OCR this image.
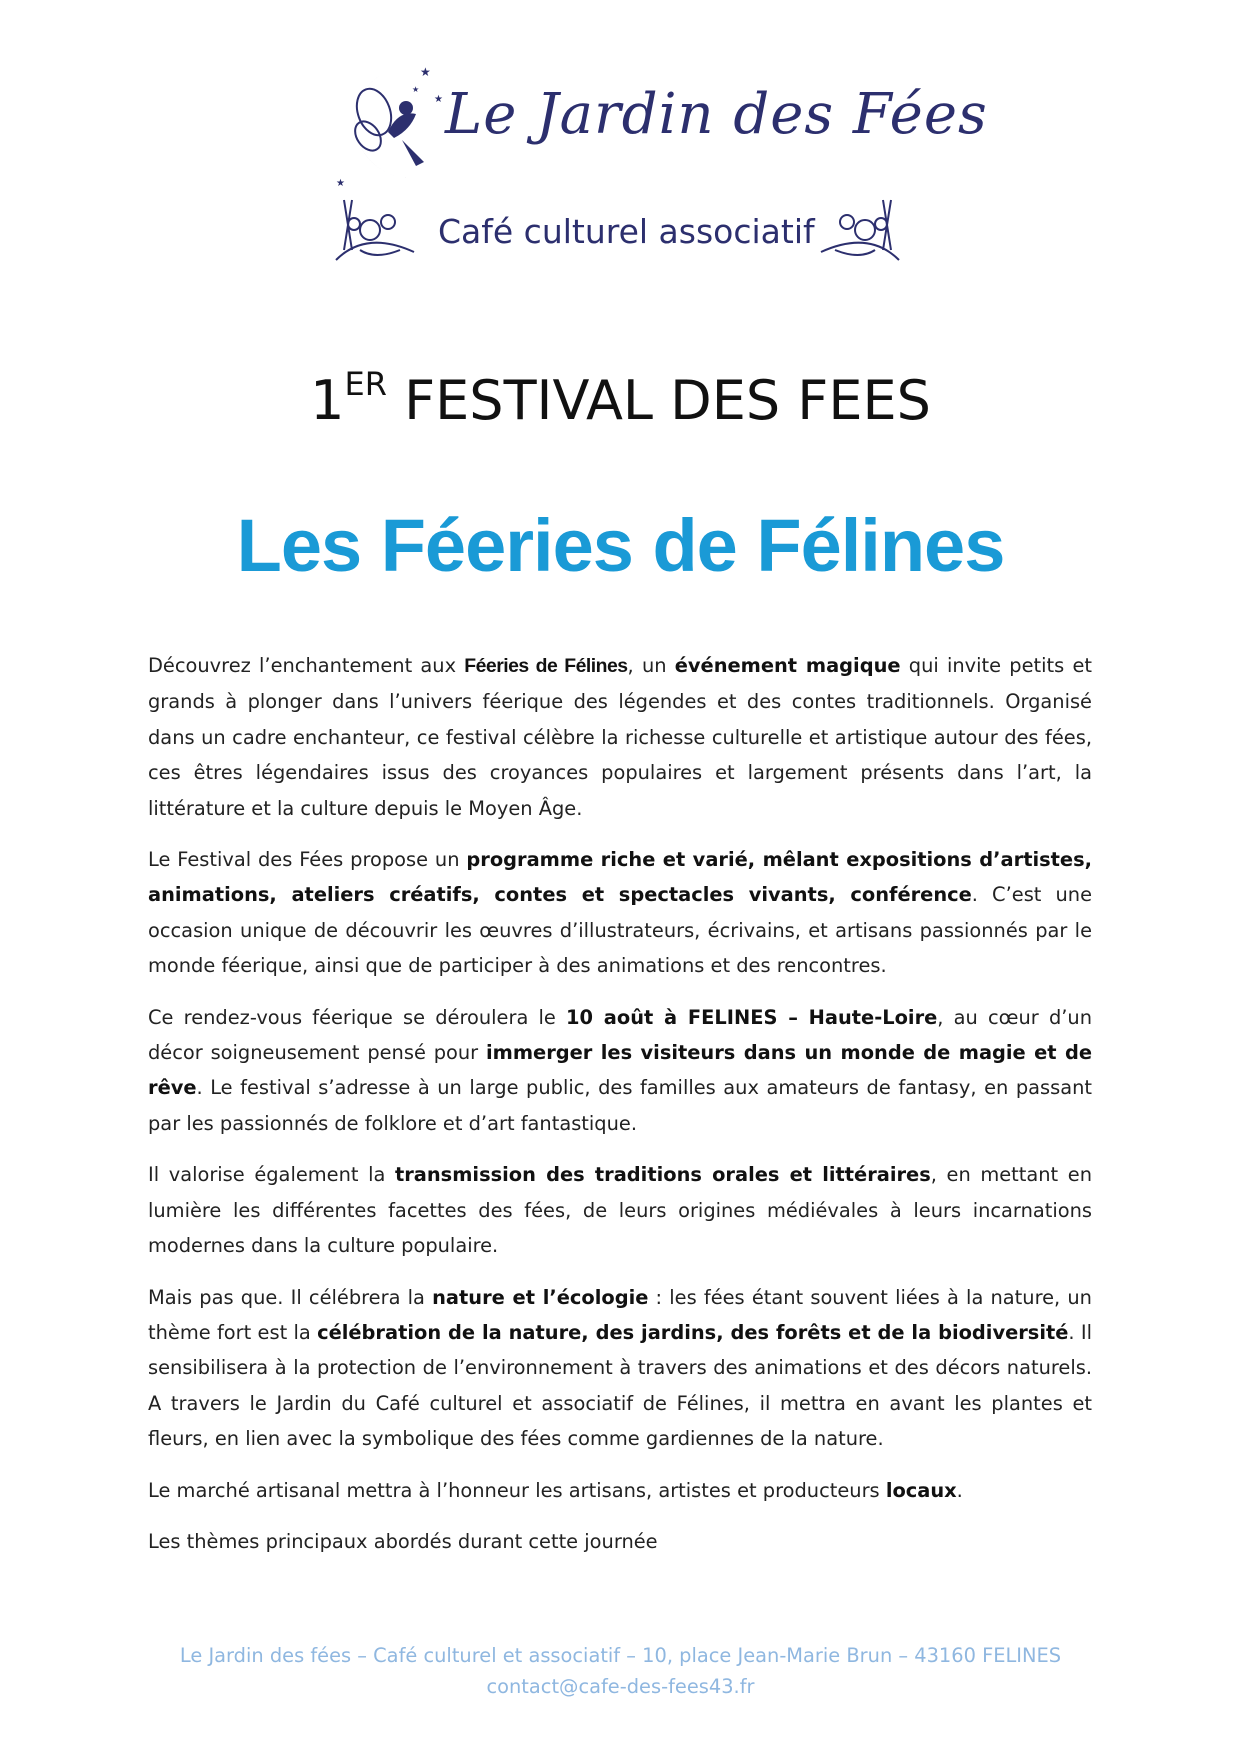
★
★
★
★
Le Jardin des Fées
Café culturel associatif
1ER FESTIVAL DES FEES
Les Féeries de Félines

Découvrez l’enchantement aux Féeries de Félines, un événement magique qui invite petits et grands à plonger dans l’univers féerique des légendes et des contes traditionnels. Organisé dans un cadre enchanteur, ce festival célèbre la richesse culturelle et artistique autour des fées, ces êtres légendaires issus des croyances populaires et largement présents dans l’art, la littérature et la culture depuis le Moyen Âge.

Le Festival des Fées propose un programme riche et varié, mêlant expositions d’artistes, animations, ateliers créatifs, contes et spectacles vivants, conférence. C’est une occasion unique de découvrir les œuvres d’illustrateurs, écrivains, et artisans passionnés par le monde féerique, ainsi que de participer à des animations et des rencontres.

Ce rendez-vous féerique se déroulera le 10 août à FELINES – Haute-Loire, au cœur d’un décor soigneusement pensé pour immerger les visiteurs dans un monde de magie et de rêve. Le festival s’adresse à un large public, des familles aux amateurs de fantasy, en passant par les passionnés de folklore et d’art fantastique.

Il valorise également la transmission des traditions orales et littéraires, en mettant en lumière les différentes facettes des fées, de leurs origines médiévales à leurs incarnations modernes dans la culture populaire.

Mais pas que. Il célébrera la nature et l’écologie : les fées étant souvent liées à la nature, un thème fort est la célébration de la nature, des jardins, des forêts et de la biodiversité. Il sensibilisera à la protection de l’environnement à travers des animations et des décors naturels. A travers le Jardin du Café culturel et associatif de Félines, il mettra en avant les plantes et fleurs, en lien avec la symbolique des fées comme gardiennes de la nature.

Le marché artisanal mettra à l’honneur les artisans, artistes et producteurs locaux.

Les thèmes principaux abordés durant cette journée

Le Jardin des fées – Café culturel et associatif – 10, place Jean-Marie Brun – 43160 FELINES
contact@cafe-des-fees43.fr
